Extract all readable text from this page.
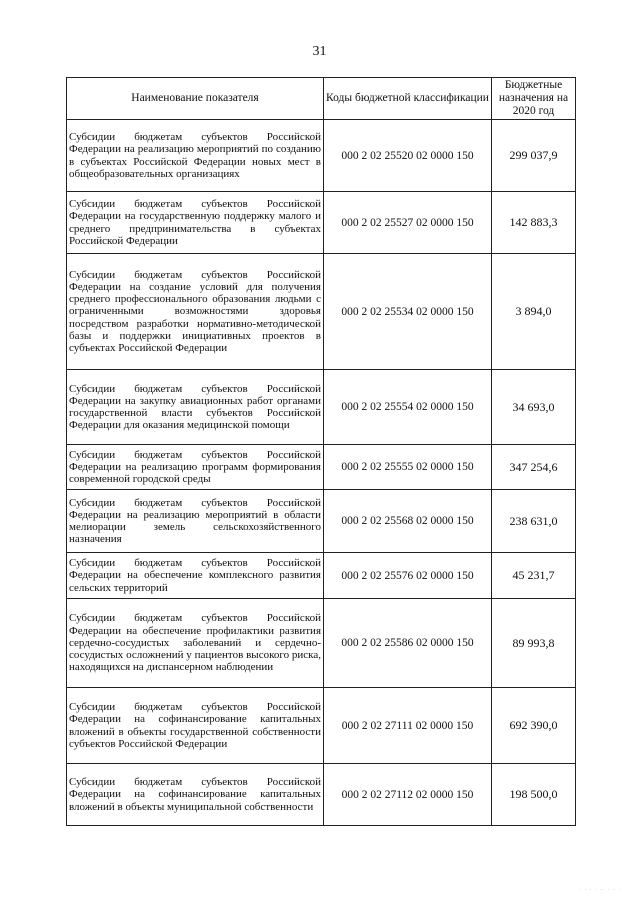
31
Наименование показателя	Коды бюджетной классификации	Бюджетные назначения на 2020 год
Субсидии бюджетам субъектов Российской Федерации на реализацию мероприятий по созданию в субъектах Российской Федерации новых мест в общеобразовательных организациях	000 2 02 25520 02 0000 150	299 037,9
Субсидии бюджетам субъектов Российской Федерации на государственную поддержку малого и среднего предпринимательства в субъектах Российской Федерации	000 2 02 25527 02 0000 150	142 883,3
Субсидии бюджетам субъектов Российской Федерации на создание условий для получения среднего профессионального образования людьми с ограниченными возможностями здоровья посредством разработки нормативно-методической базы и поддержки инициативных проектов в субъектах Российской Федерации	000 2 02 25534 02 0000 150	3 894,0
Субсидии бюджетам субъектов Российской Федерации на закупку авиационных работ органами государственной власти субъектов Российской Федерации для оказания медицинской помощи	000 2 02 25554 02 0000 150	34 693,0
Субсидии бюджетам субъектов Российской Федерации на реализацию программ формирования современной городской среды	000 2 02 25555 02 0000 150	347 254,6
Субсидии бюджетам субъектов Российской Федерации на реализацию мероприятий в области мелиорации земель сельскохозяйственного назначения	000 2 02 25568 02 0000 150	238 631,0
Субсидии бюджетам субъектов Российской Федерации на обеспечение комплексного развития сельских территорий	000 2 02 25576 02 0000 150	45 231,7
Субсидии бюджетам субъектов Российской Федерации на обеспечение профилактики развития сердечно-сосудистых заболеваний и сердечно-сосудистых осложнений у пациентов высокого риска, находящихся на диспансерном наблюдении	000 2 02 25586 02 0000 150	89 993,8
Субсидии бюджетам субъектов Российской Федерации на софинансирование капитальных вложений в объекты государственной собственности субъектов Российской Федерации	000 2 02 27111 02 0000 150	692 390,0
Субсидии бюджетам субъектов Российской Федерации на софинансирование капитальных вложений в объекты муниципальной собственности	000 2 02 27112 02 0000 150	198 500,0
· · · · ·· · · ·
